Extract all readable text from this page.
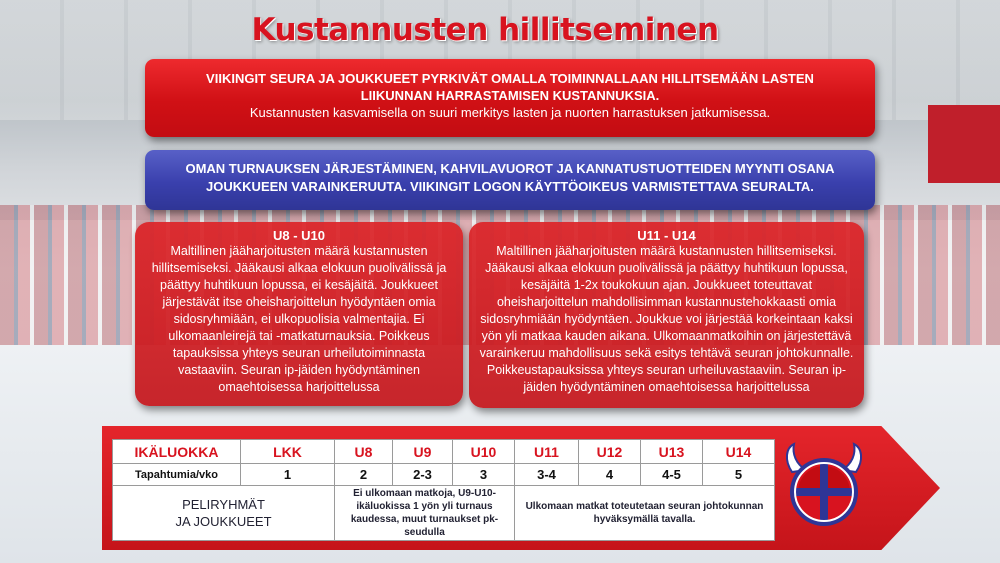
Kustannusten hillitseminen
VIIKINGIT SEURA JA JOUKKUEET PYRKIVÄT OMALLA TOIMINNALLAAN HILLITSEMÄÄN LASTEN
LIIKUNNAN HARRASTAMISEN KUSTANNUKSIA.
Kustannusten kasvamisella on suuri merkitys lasten ja nuorten harrastuksen jatkumisessa.
OMAN TURNAUKSEN JÄRJESTÄMINEN, KAHVILAVUOROT JA KANNATUSTUOTTEIDEN MYYNTI OSANA
JOUKKUEEN VARAINKERUUTA. VIIKINGIT LOGON KÄYTTÖOIKEUS VARMISTETTAVA SEURALTA.
U8 - U10
Maltillinen jääharjoitusten määrä kustannusten
hillitsemiseksi. Jääkausi alkaa elokuun puolivälissä ja
päättyy huhtikuun lopussa, ei kesäjäitä. Joukkueet
järjestävät itse oheisharjoittelun hyödyntäen omia
sidosryhmiään, ei ulkopuolisia valmentajia. Ei
ulkomaanleirejä tai -matkaturnauksia. Poikkeus
tapauksissa yhteys seuran urheilutoiminnasta
vastaaviin. Seuran ip-jäiden hyödyntäminen
omaehtoisessa harjoittelussa
U11 - U14
Maltillinen jääharjoitusten määrä kustannusten hillitsemiseksi.
Jääkausi alkaa elokuun puolivälissä ja päättyy huhtikuun lopussa,
kesäjäitä 1-2x toukokuun ajan. Joukkueet toteuttavat
oheisharjoittelun mahdollisimman kustannustehokkaasti omia
sidosryhmiään hyödyntäen. Joukkue voi järjestää korkeintaan kaksi
yön yli matkaa kauden aikana. Ulkomaanmatkoihin on järjestettävä
varainkeruu mahdollisuus sekä esitys tehtävä seuran johtokunnalle.
Poikkeustapauksissa yhteys seuran urheiluvastaaviin. Seuran ip-
jäiden hyödyntäminen omaehtoisessa harjoittelussa
IKÄLUOKKA	LKK	U8	U9	U10	U11	U12	U13	U14
Tapahtumia/vko	1	2	2-3	3	3-4	4	4-5	5

PELIRYHMÄT
JA JOUKKUEET		Ei ulkomaan matkoja, U9-U10-ikäluokissa 1 yön yli turnaus kaudessa, muut turnaukset pk-seudulla			Ulkomaan matkat toteutetaan seuran johtokunnan hyväksymällä tavalla.			
